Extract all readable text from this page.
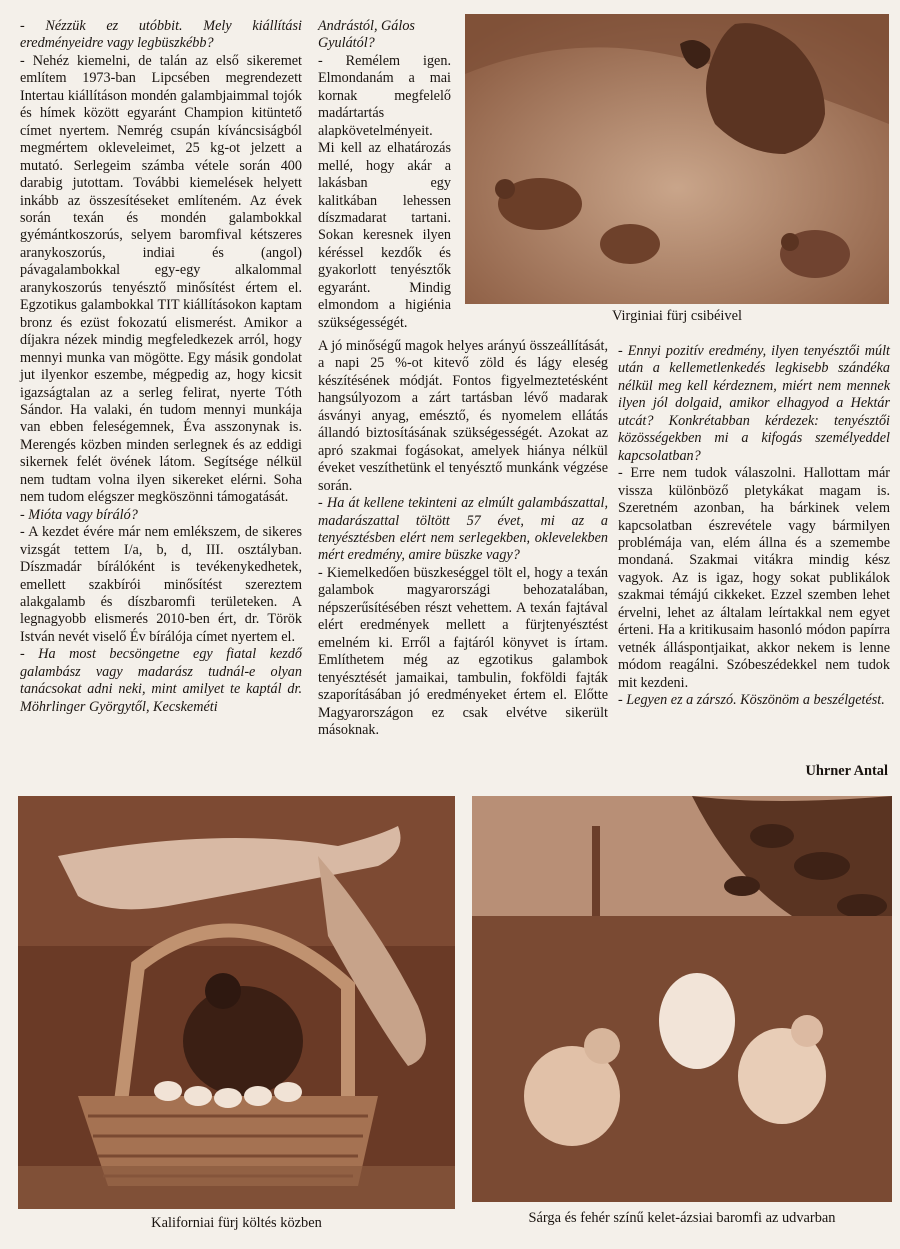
- Nézzük ez utóbbit. Mely kiállítási eredményeidre vagy legbüszkébb?

- Nehéz kiemelni, de talán az első sikeremet említem 1973-ban Lipcsében megrendezett Intertau kiállításon mondén galambjaimmal tojók és hímek között egyaránt Champion kitüntető címet nyertem. Nemrég csupán kíváncsiságból megmértem okleveleimet, 25 kg-ot jelzett a mutató. Serlegeim számba vétele során 400 darabig jutottam. További kiemelések helyett inkább az összesítéseket említeném. Az évek során texán és mondén galambokkal gyémántkoszorús, selyem baromfival kétszeres aranykoszorús, indiai és (angol) pávagalambokkal egy-egy alkalommal aranykoszorús tenyésztő minősítést értem el. Egzotikus galambokkal TIT kiállításokon kaptam bronz és ezüst fokozatú elismerést. Amikor a díjakra nézek mindig megfeledkezek arról, hogy mennyi munka van mögötte. Egy másik gondolat jut ilyenkor eszembe, mégpedig az, hogy kicsit igazságtalan az a serleg felirat, nyerte Tóth Sándor. Ha valaki, én tudom mennyi munkája van ebben feleségemnek, Éva asszonynak is. Merengés közben minden serlegnek és az eddigi sikernek felét övének látom. Segítsége nélkül nem tudtam volna ilyen sikereket elérni. Soha nem tudom elégszer megköszönni támogatását.

- Mióta vagy bíráló?

- A kezdet évére már nem emlékszem, de sikeres vizsgát tettem I/a, b, d, III. osztályban. Díszmadár bírálóként is tevékenykedhetek, emellett szakbírói minősítést szereztem alakgalamb és díszbaromfi területeken. A legnagyobb elismerés 2010-ben ért, dr. Török István nevét viselő Év bírálója címet nyertem el.

- Ha most becsöngetne egy fiatal kezdő galambász vagy madarász tudnál-e olyan tanácsokat adni neki, mint amilyet te kaptál dr. Möhrlinger Györgytől, Kecskeméti

Andrástól, Gálos Gyulától?

- Remélem igen. Elmondanám a mai kornak megfelelő madártartás alapkövetelményeit. Mi kell az elhatározás mellé, hogy akár a lakásban egy kalitkában lehessen díszmadarat tartani. Sokan keresnek ilyen kéréssel kezdők és gyakorlott tenyésztők egyaránt. Mindig elmondom a higiénia szükségességét.

A jó minőségű magok helyes arányú összeállítását, a napi 25 %-ot kitevő zöld és lágy eleség készítésének módját. Fontos figyelmeztetésként hangsúlyozom a zárt tartásban lévő madarak ásványi anyag, emésztő, és nyomelem ellátás állandó biztosításának szükségességét. Azokat az apró szakmai fogásokat, amelyek hiánya nélkül éveket veszíthetünk el tenyésztő munkánk végzése során.

- Ha át kellene tekinteni az elmúlt galambászattal, madarászattal töltött 57 évet, mi az a tenyésztésben elért nem serlegekben, oklevelekben mért eredmény, amire büszke vagy?

- Kiemelkedően büszkeséggel tölt el, hogy a texán galambok magyarországi behozatalában, népszerűsítésében részt vehettem. A texán fajtával elért eredmények mellett a fürjtenyésztést emelném ki. Erről a fajtáról könyvet is írtam. Említhetem még az egzotikus galambok tenyésztését jamaikai, tambulin, fokföldi fajták szaporításában jó eredményeket értem el. Előtte Magyarországon ez csak elvétve sikerült másoknak.

- Ennyi pozitív eredmény, ilyen tenyésztői múlt után a kellemetlenkedés legkisebb szándéka nélkül meg kell kérdeznem, miért nem mennek ilyen jól dolgaid, amikor elhagyod a Hektár utcát? Konkrétabban kérdezek: tenyésztői közösségekben mi a kifogás személyeddel kapcsolatban?

- Erre nem tudok válaszolni. Hallottam már vissza különböző pletykákat magam is. Szeretném azonban, ha bárkinek velem kapcsolatban észrevétele vagy bármilyen problémája van, elém állna és a szemembe mondaná. Szakmai vitákra mindig kész vagyok. Az is igaz, hogy sokat publikálok szakmai témájú cikkeket. Ezzel szemben lehet érvelni, lehet az általam leírtakkal nem egyet érteni. Ha a kritikusaim hasonló módon papírra vetnék álláspontjaikat, akkor nekem is lenne módom reagálni. Szóbeszédekkel nem tudok mit kezdeni.

- Legyen ez a zárszó. Köszönöm a beszélgetést.

Uhrner Antal
Virginiai fürj csibéivel
Kaliforniai fürj költés közben	Sárga és fehér színű kelet-ázsiai baromfi az udvarban
